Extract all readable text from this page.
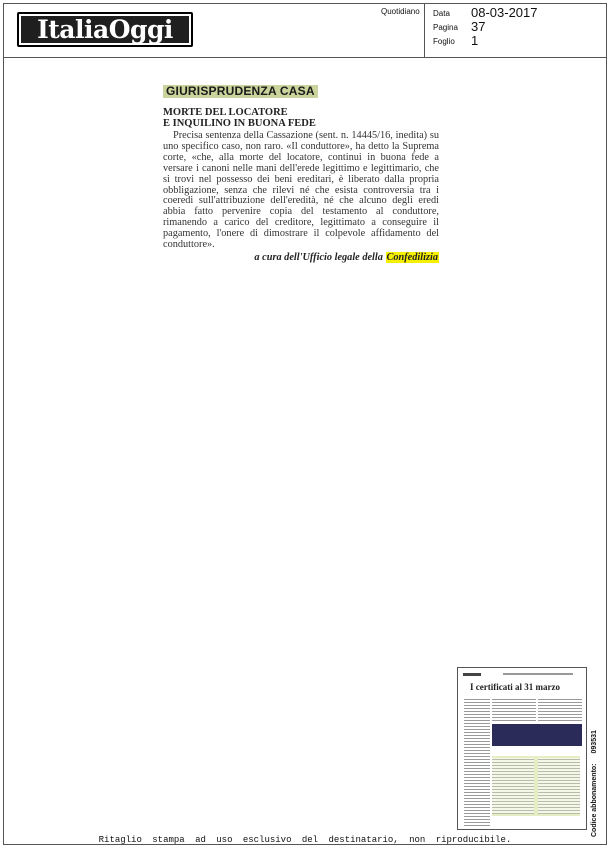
ItaliaOggi
Quotidiano Data 08-03-2017
Pagina 37
Foglio 1
GIURISPRUDENZA CASA
MORTE DEL LOCATORE
E INQUILINO IN BUONA FEDE

Precisa sentenza della Cassazione (sent. n. 14445/16, inedita) su uno specifico caso, non raro. «Il conduttore», ha detto la Suprema corte, «che, alla morte del locatore, continui in buona fede a versare i canoni nelle mani dell'erede legittimo e legittimario, che si trovi nel possesso dei beni ereditari, è liberato dalla propria obbligazione, senza che rilevi né che esista controversia tra i coeredi sull'attribuzione dell'eredità, né che alcuno degli eredi abbia fatto pervenire copia del testamento al conduttore, rimanendo a carico del creditore, legittimato a conseguire il pagamento, l'onere di dimostrare il colpevole affidamento del conduttore».

a cura dell'Ufficio legale della Confedilizia
I certificati al 31 marzo
Codice abbonamento:093531
Ritaglio stampa ad uso esclusivo del destinatario, non riproducibile.
